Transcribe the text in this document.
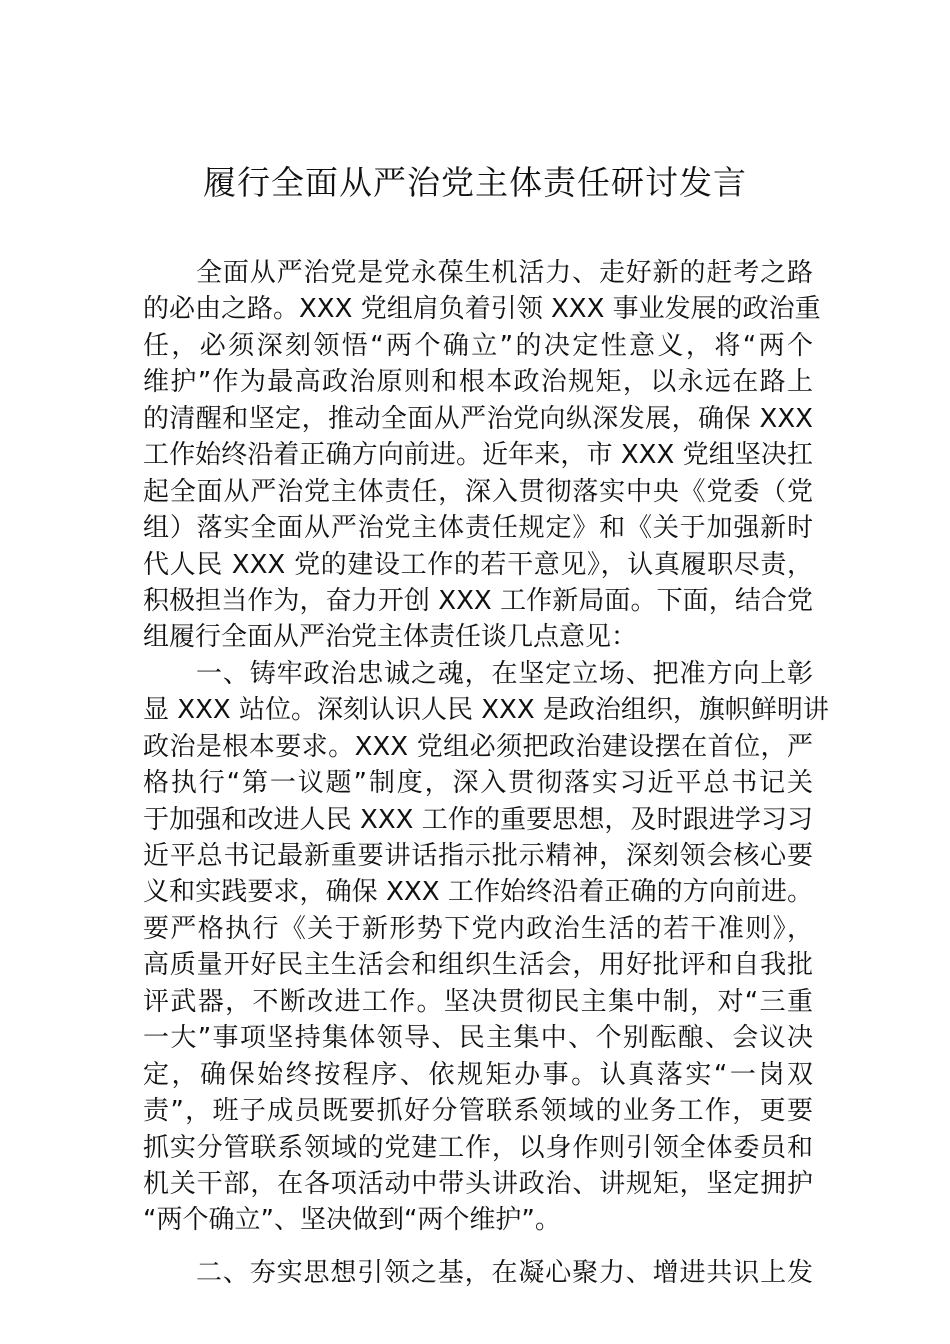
履行全面从严治党主体责任研讨发言
全面从严治党是党永葆生机活力、走好新的赶考之路
的必由之路。XXX 党组肩负着引领 XXX 事业发展的政治重
任，必须深刻领悟“两个确立”的决定性意义，将“两个
维护”作为最高政治原则和根本政治规矩，以永远在路上
的清醒和坚定，推动全面从严治党向纵深发展，确保 XXX
工作始终沿着正确方向前进。近年来，市 XXX 党组坚决扛
起全面从严治党主体责任，深入贯彻落实中央《党委（党
组）落实全面从严治党主体责任规定》和《关于加强新时
代人民 XXX 党的建设工作的若干意见》，认真履职尽责，
积极担当作为，奋力开创 XXX 工作新局面。下面，结合党
组履行全面从严治党主体责任谈几点意见：
一、铸牢政治忠诚之魂，在坚定立场、把准方向上彰
显 XXX 站位。深刻认识人民 XXX 是政治组织，旗帜鲜明讲
政治是根本要求。XXX 党组必须把政治建设摆在首位，严
格执行“第一议题”制度，深入贯彻落实习近平总书记关
于加强和改进人民 XXX 工作的重要思想，及时跟进学习习
近平总书记最新重要讲话指示批示精神，深刻领会核心要
义和实践要求，确保 XXX 工作始终沿着正确的方向前进。
要严格执行《关于新形势下党内政治生活的若干准则》，
高质量开好民主生活会和组织生活会，用好批评和自我批
评武器，不断改进工作。坚决贯彻民主集中制，对“三重
一大”事项坚持集体领导、民主集中、个别酝酿、会议决
定，确保始终按程序、依规矩办事。认真落实“一岗双
责”，班子成员既要抓好分管联系领域的业务工作，更要
抓实分管联系领域的党建工作，以身作则引领全体委员和
机关干部，在各项活动中带头讲政治、讲规矩，坚定拥护
“两个确立”、坚决做到“两个维护”。
二、夯实思想引领之基，在凝心聚力、增进共识上发
